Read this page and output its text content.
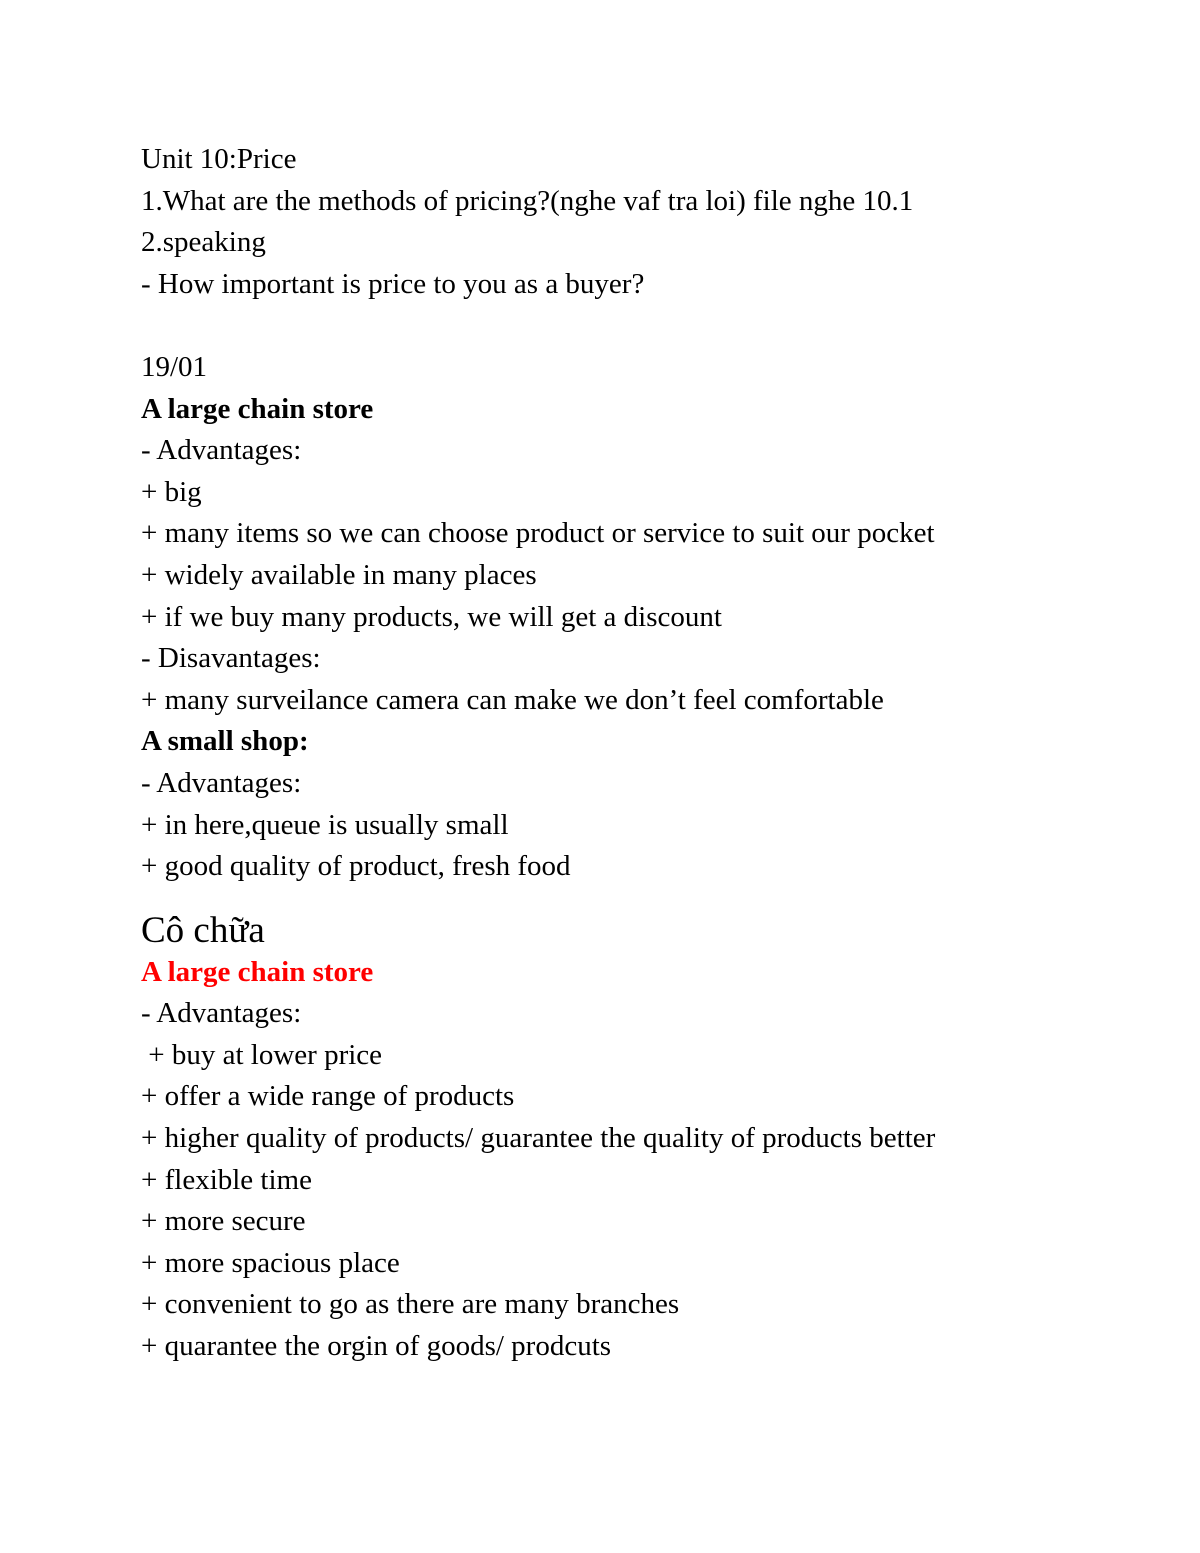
Unit 10:Price
1.What are the methods of pricing?(nghe vaf tra loi) file nghe 10.1
2.speaking
- How important is price to you as a buyer?
19/01
A large chain store
- Advantages:
+ big
+ many items so we can choose product or service to suit our pocket
+ widely available in many places
+ if we buy many products, we will get a discount
- Disavantages:
+ many surveilance camera can make we don’t feel comfortable
A small shop:
- Advantages:
+ in here,queue is usually small
+ good quality of product, fresh food
Cô chữa
A large chain store
- Advantages:
+ buy at lower price
+ offer a wide range of products
+ higher quality of products/ guarantee the quality of products better
+ flexible time
+ more secure
+ more spacious place
+ convenient to go as there are many branches
+ quarantee the orgin of goods/ prodcuts
